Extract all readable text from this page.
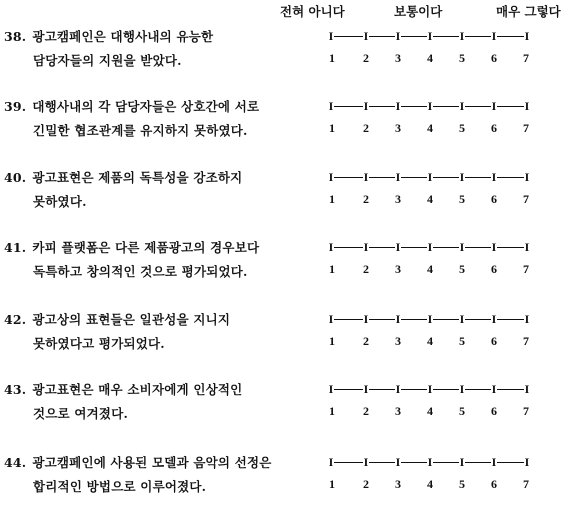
전혀 아니다	보통이다	매우 그렇다
38. 광고캠페인은 대행사내의 유능한
담당자들의 지원을 받았다.
I	I I I I I I
1 2 3 4 5 6 7
39. 대행사내의 각 담당자들은 상호간에 서로
긴밀한 협조관계를 유지하지 못하였다.
I	I I I I I I
1 2 3 4 5 6 7
40. 광고표현은 제품의 독특성을 강조하지
못하였다.
I	I I I I I I
1 2 3 4 5 6 7
41. 카피 플랫폼은 다른 제품광고의 경우보다
독특하고 창의적인 것으로 평가되었다.
I	I I I I I I
1 2 3 4 5 6 7
42. 광고상의 표현들은 일관성을 지니지
못하였다고 평가되었다.
I	I I I I I I
1 2 3 4 5 6 7
43. 광고표현은 매우 소비자에게 인상적인
것으로 여겨졌다.
I	I I I I I I
1 2 3 4 5 6 7
44. 광고캠페인에 사용된 모델과 음악의 선정은
합리적인 방법으로 이루어졌다.
I	I I I I I I
1 2 3 4 5 6 7
